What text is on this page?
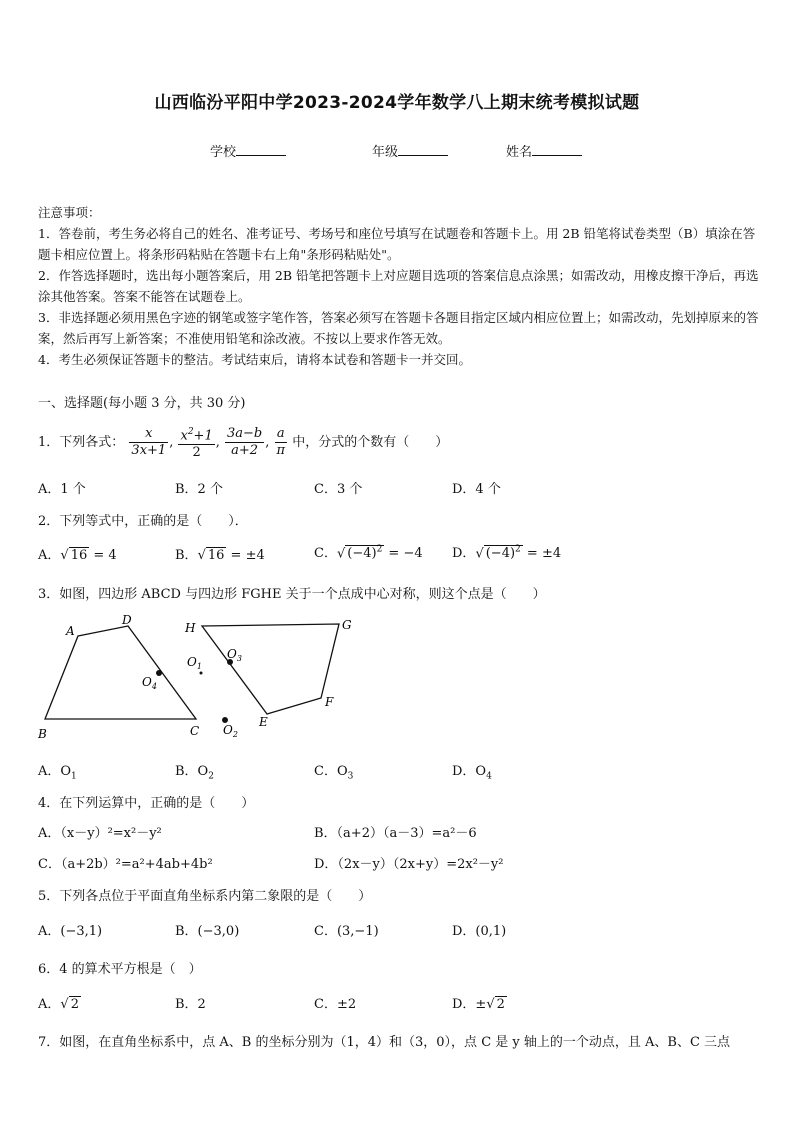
山西临汾平阳中学2023-2024学年数学八上期末统考模拟试题
学校	年级	姓名

注意事项：

1．答卷前，考生务必将自己的姓名、准考证号、考场号和座位号填写在试题卷和答题卡上。用 2B 铅笔将试卷类型（B）填涂在答题卡相应位置上。将条形码粘贴在答题卡右上角"条形码粘贴处"。

2．作答选择题时，选出每小题答案后，用 2B 铅笔把答题卡上对应题目选项的答案信息点涂黑；如需改动，用橡皮擦干净后，再选涂其他答案。答案不能答在试题卷上。

3．非选择题必须用黑色字迹的钢笔或签字笔作答，答案必须写在答题卡各题目指定区域内相应位置上；如需改动，先划掉原来的答案，然后再写上新答案；不准使用铅笔和涂改液。不按以上要求作答无效。

4．考生必须保证答题卡的整洁。考试结束后，请将本试卷和答题卡一并交回。

一、选择题(每小题 3 分，共 30 分)
1．下列各式： $\frac{x}{3x+1}$ , $\frac{x^2+1}{2}$ , $\frac{3a-b}{a+2}$ , $\frac{a}{\pi}$ 中，分式的个数有（　　）
A．1 个	B．2 个	C．3 个	D．4 个
2．下列等式中，正确的是（　　）．
A．√ 16 = 4	B．√ 16 = ±4	C．√ $(-4)^2 = -4$ D．√ $(-4)^2 = \pm 4$
3．如图，四边形 ABCD 与四边形 FGHE 关于一个点成中心对称，则这个点是（　　）
A
D
B	C
H	G
F
E
$O_4$
$O_3$
$O_1$
$O_2$
A．$O_1$	B．$O_2$	C．$O_3$	D．$O_4$
4．在下列运算中，正确的是（　　）
A．（x－y）²=x²－y²	B．（a+2）（a－3）=a²－6
C．（a+2b）²=a²+4ab+4b²	D．（2x－y）（2x+y）=2x²－y²
5．下列各点位于平面直角坐标系内第二象限的是（　　）
A．(−3,1)	B．(−3,0)	C．(3,−1)	D．(0,1)
6．4 的算术平方根是（　）
A．√ 2	B．2	C．±2	D．±√ 2
7．如图，在直角坐标系中，点 A、B 的坐标分别为（1，4）和（3，0），点 C 是 y 轴上的一个动点，且 A、B、C 三点
